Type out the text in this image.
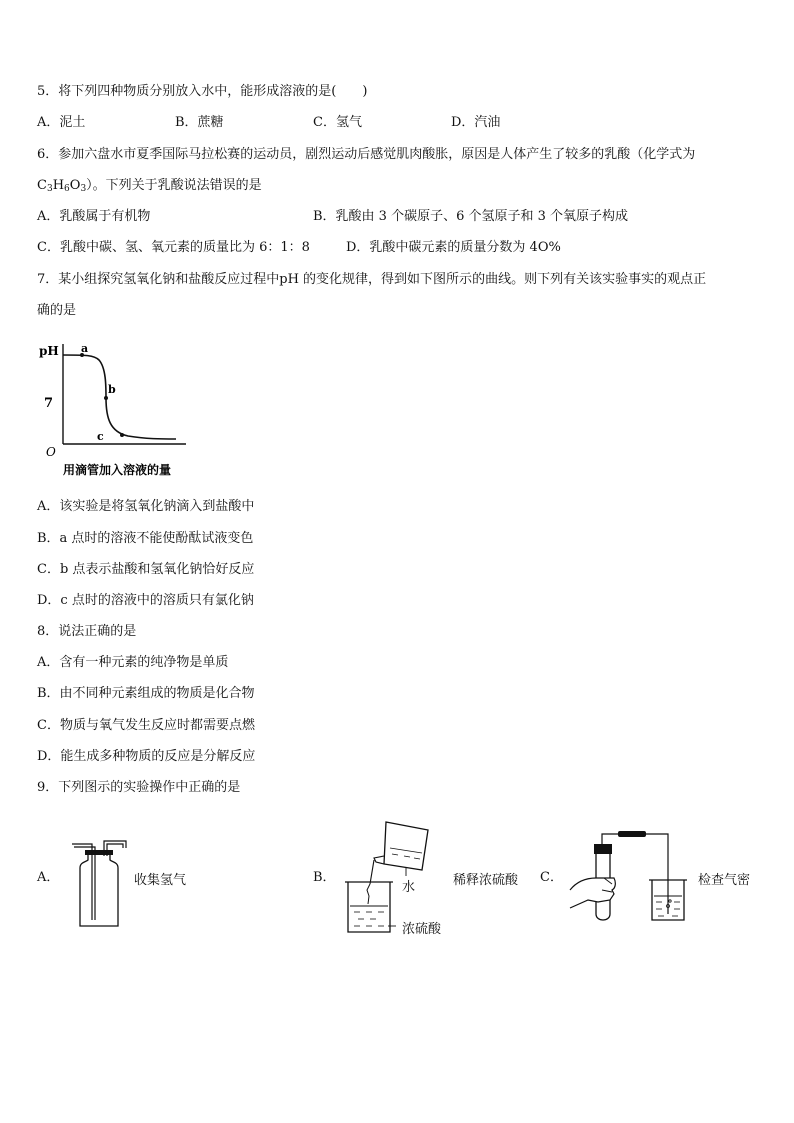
5．将下列四种物质分别放入水中，能形成溶液的是(　　)
A．泥土	B．蔗糖	C．氢气	D．汽油
6．参加六盘水市夏季国际马拉松赛的运动员，剧烈运动后感觉肌肉酸胀，原因是人体产生了较多的乳酸（化学式为
$C_3H_6O_3$）。下列关于乳酸说法错误的是
A．乳酸属于有机物	B．乳酸由 3 个碳原子、6 个氢原子和 3 个氧原子构成
C．乳酸中碳、氢、氧元素的质量比为 6：1：8	D．乳酸中碳元素的质量分数为 4O%
7．某小组探究氢氧化钠和盐酸反应过程中pH 的变化规律，得到如下图所示的曲线。则下列有关该实验事实的观点正
确的是
pH
7
O
a
b
c
用滴管加入溶液的量
A．该实验是将氢氧化钠滴入到盐酸中
B．a 点时的溶液不能使酚酞试液变色
C．b 点表示盐酸和氢氧化钠恰好反应
D．c 点时的溶液中的溶质只有氯化钠
8．说法正确的是
A．含有一种元素的纯净物是单质
B．由不同种元素组成的物质是化合物
C．物质与氧气发生反应时都需要点燃
D．能生成多种物质的反应是分解反应
9．下列图示的实验操作中正确的是
A．	收集氢气	B．
水
浓硫酸
稀释浓硫酸 C．	检查气密
